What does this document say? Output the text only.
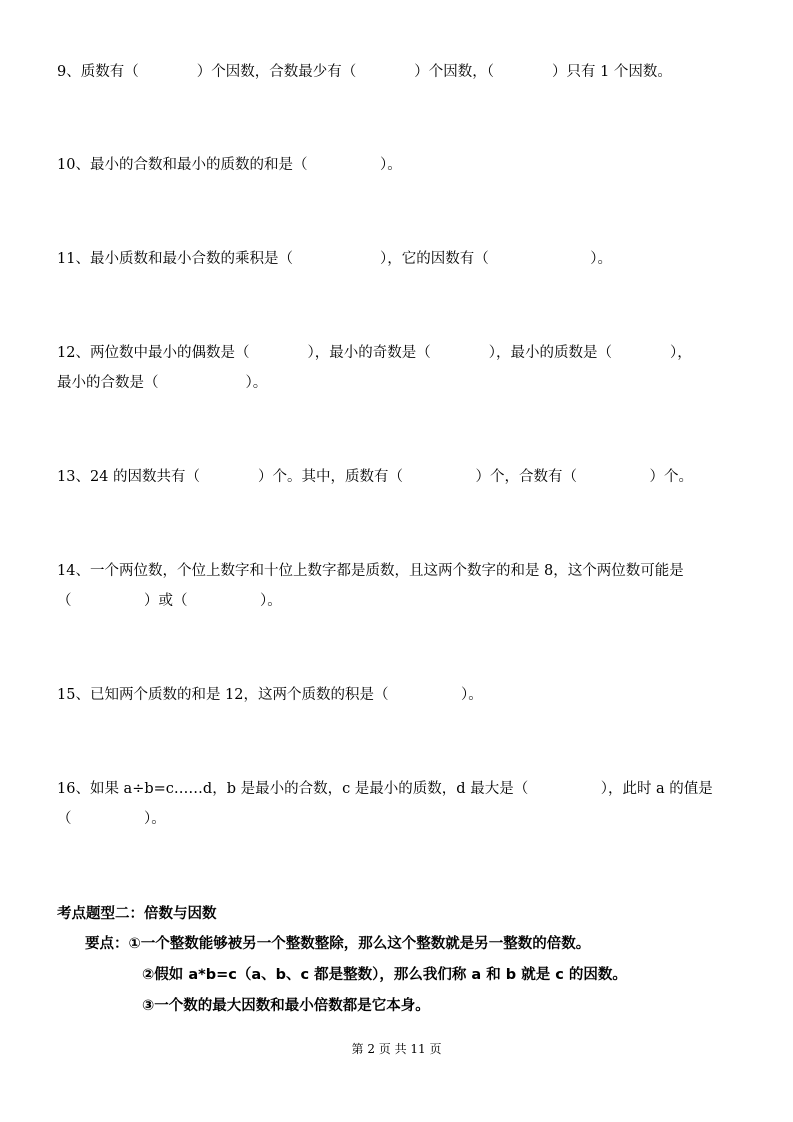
9、质数有（　　　　）个因数，合数最少有（　　　　）个因数，（　　　　）只有 1 个因数。
10、最小的合数和最小的质数的和是（　　　　　）。
11、最小质数和最小合数的乘积是（　　　　　　），它的因数有（　　　　　　　）。
12、两位数中最小的偶数是（　　　　），最小的奇数是（　　　　），最小的质数是（　　　　），
最小的合数是（　　　　　　）。
13、24 的因数共有（　　　　）个。其中，质数有（　　　　　）个，合数有（　　　　　）个。
14、一个两位数，个位上数字和十位上数字都是质数，且这两个数字的和是 8，这个两位数可能是
（　　　　　）或（　　　　　）。
15、已知两个质数的和是 12，这两个质数的积是（　　　　　）。
16、如果 a÷b=c……d，b 是最小的合数，c 是最小的质数，d 最大是（　　　　　），此时 a 的值是
（　　　　　）。
考点题型二：倍数与因数
要点：①一个整数能够被另一个整数整除，那么这个整数就是另一整数的倍数。
②假如 a*b=c（a、b、c 都是整数），那么我们称 a 和 b 就是 c 的因数。
③一个数的最大因数和最小倍数都是它本身。
第 2 页 共 11 页
